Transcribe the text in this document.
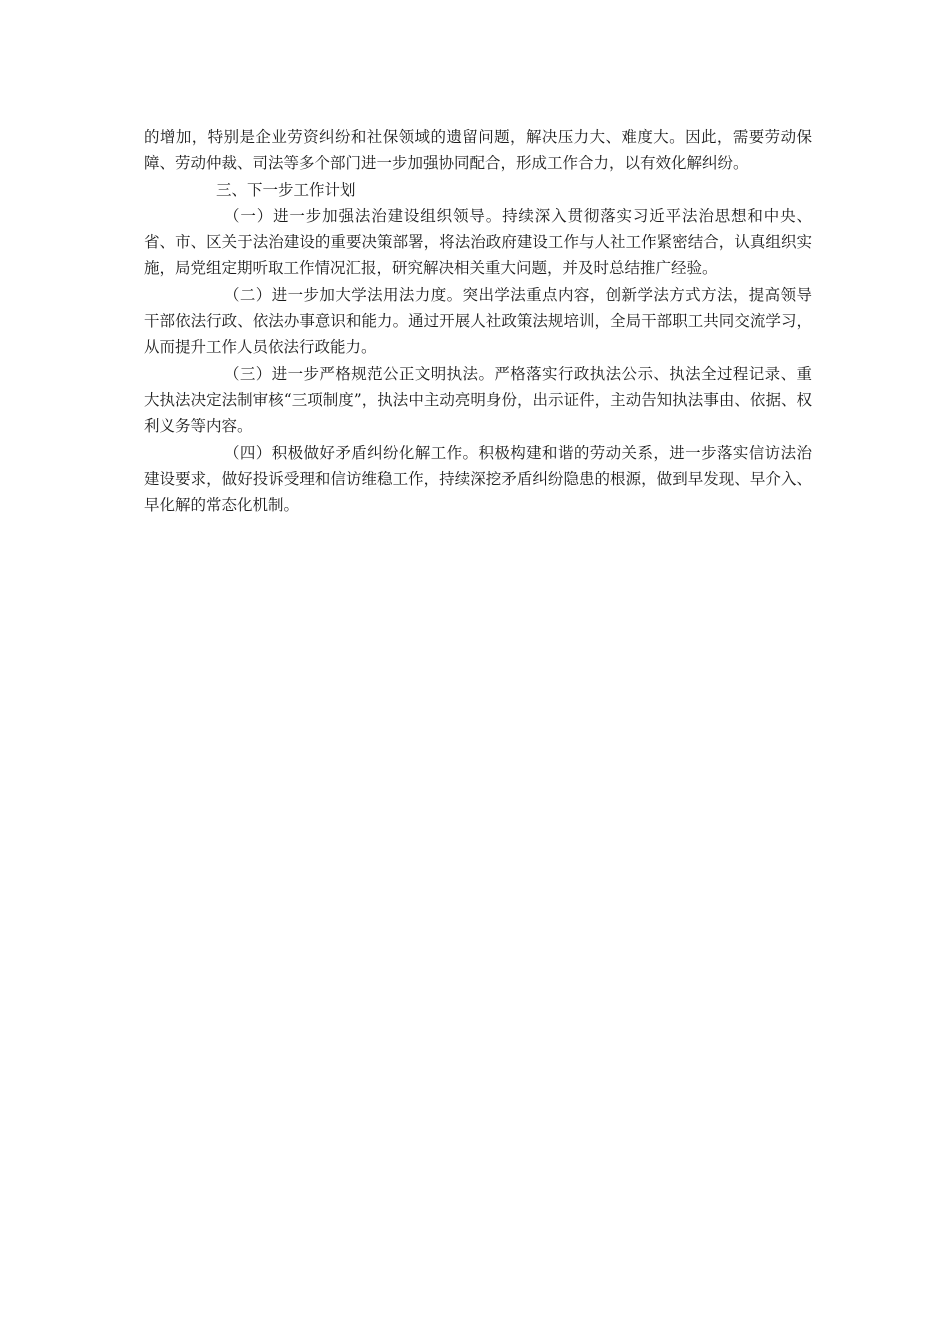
的增加，特别是企业劳资纠纷和社保领域的遗留问题，解决压力大、难度大。因此，需要劳动保障、劳动仲裁、司法等多个部门进一步加强协同配合，形成工作合力，以有效化解纠纷。

三、下一步工作计划

（一）进一步加强法治建设组织领导。持续深入贯彻落实习近平法治思想和中央、省、市、区关于法治建设的重要决策部署，将法治政府建设工作与人社工作紧密结合，认真组织实施，局党组定期听取工作情况汇报，研究解决相关重大问题，并及时总结推广经验。

（二）进一步加大学法用法力度。突出学法重点内容，创新学法方式方法，提高领导干部依法行政、依法办事意识和能力。通过开展人社政策法规培训，全局干部职工共同交流学习，从而提升工作人员依法行政能力。

（三）进一步严格规范公正文明执法。严格落实行政执法公示、执法全过程记录、重大执法决定法制审核“三项制度”，执法中主动亮明身份，出示证件，主动告知执法事由、依据、权利义务等内容。

（四）积极做好矛盾纠纷化解工作。积极构建和谐的劳动关系，进一步落实信访法治建设要求，做好投诉受理和信访维稳工作，持续深挖矛盾纠纷隐患的根源，做到早发现、早介入、早化解的常态化机制。
